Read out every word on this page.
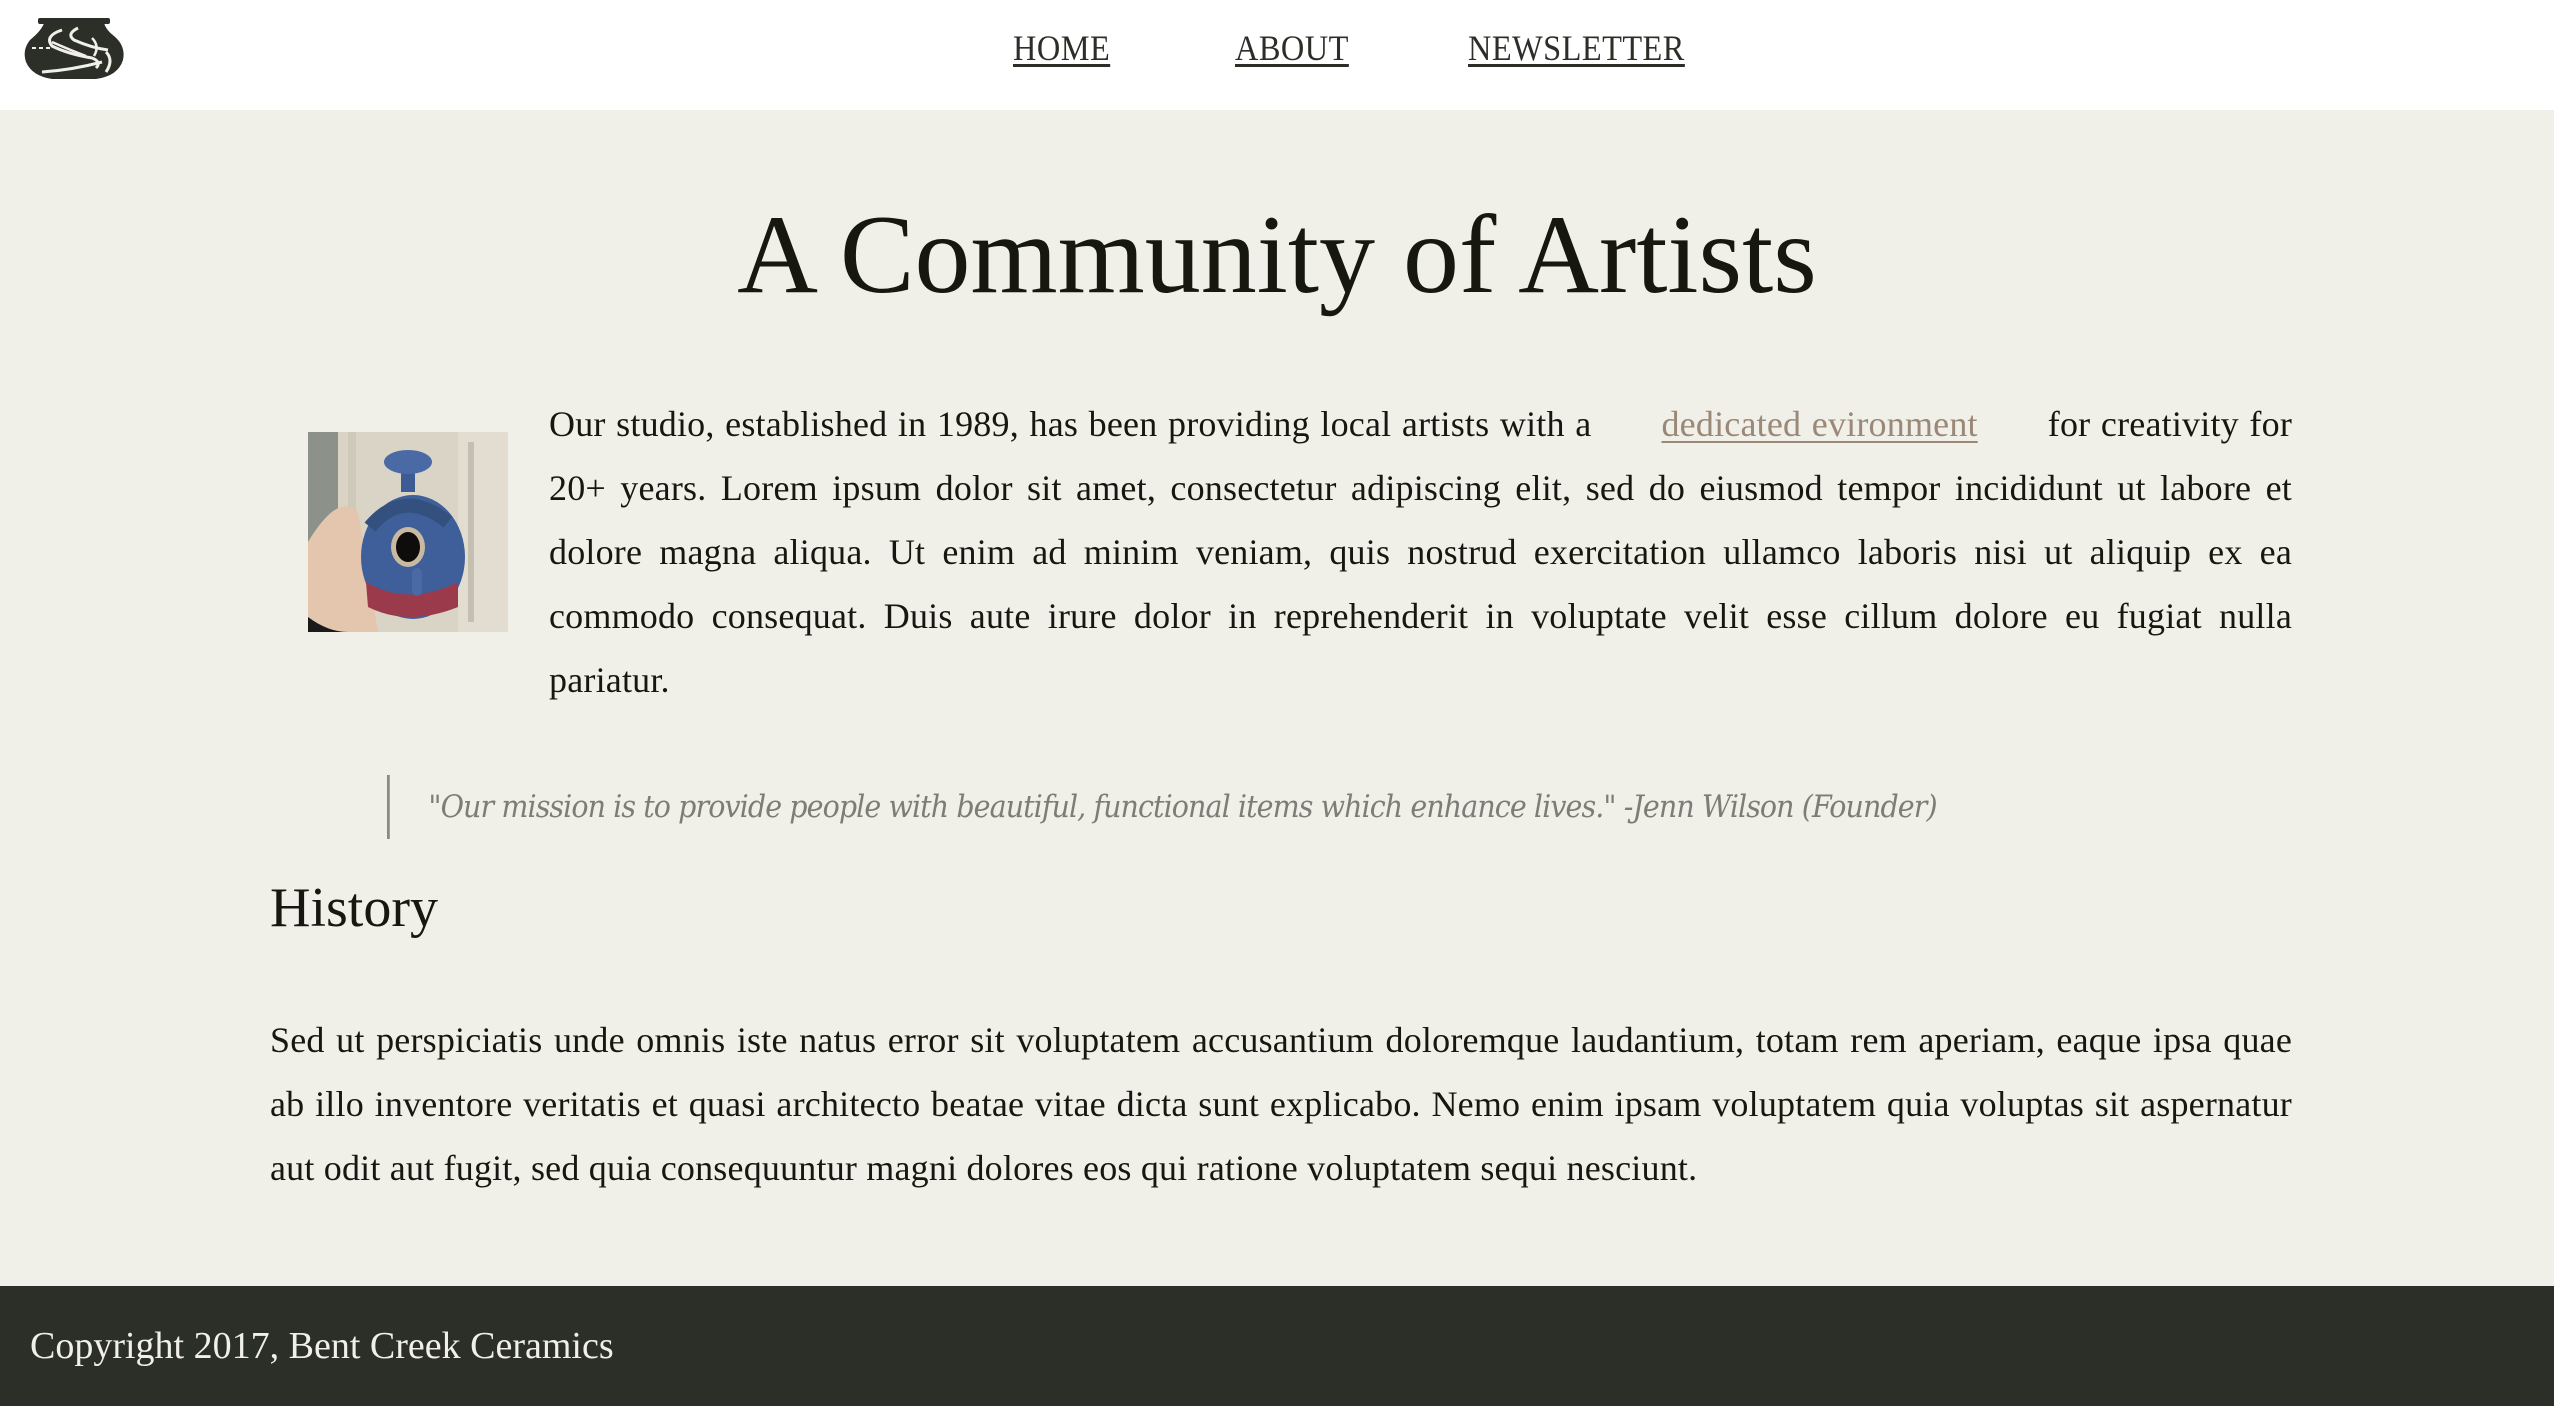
HOME	ABOUT	NEWSLETTER
A Community of Artists

Our studio, established in 1989, has been providing local artists with a dedicated evironment for creativity for 20+ years. Lorem ipsum dolor sit amet, consectetur adipiscing elit, sed do eiusmod tempor incididunt ut labore et dolore magna aliqua. Ut enim ad minim veniam, quis nostrud exercitation ullamco laboris nisi ut aliquip ex ea commodo consequat. Duis aute irure dolor in reprehenderit in voluptate velit esse cillum dolore eu fugiat nulla pariatur.

"Our mission is to provide people with beautiful, functional items which enhance lives." -Jenn Wilson (Founder)
History

Sed ut perspiciatis unde omnis iste natus error sit voluptatem accusantium doloremque laudantium, totam rem aperiam, eaque ipsa quae ab illo inventore veritatis et quasi architecto beatae vitae dicta sunt explicabo. Nemo enim ipsam voluptatem quia voluptas sit aspernatur aut odit aut fugit, sed quia consequuntur magni dolores eos qui ratione voluptatem sequi nesciunt.

Copyright 2017, Bent Creek Ceramics
